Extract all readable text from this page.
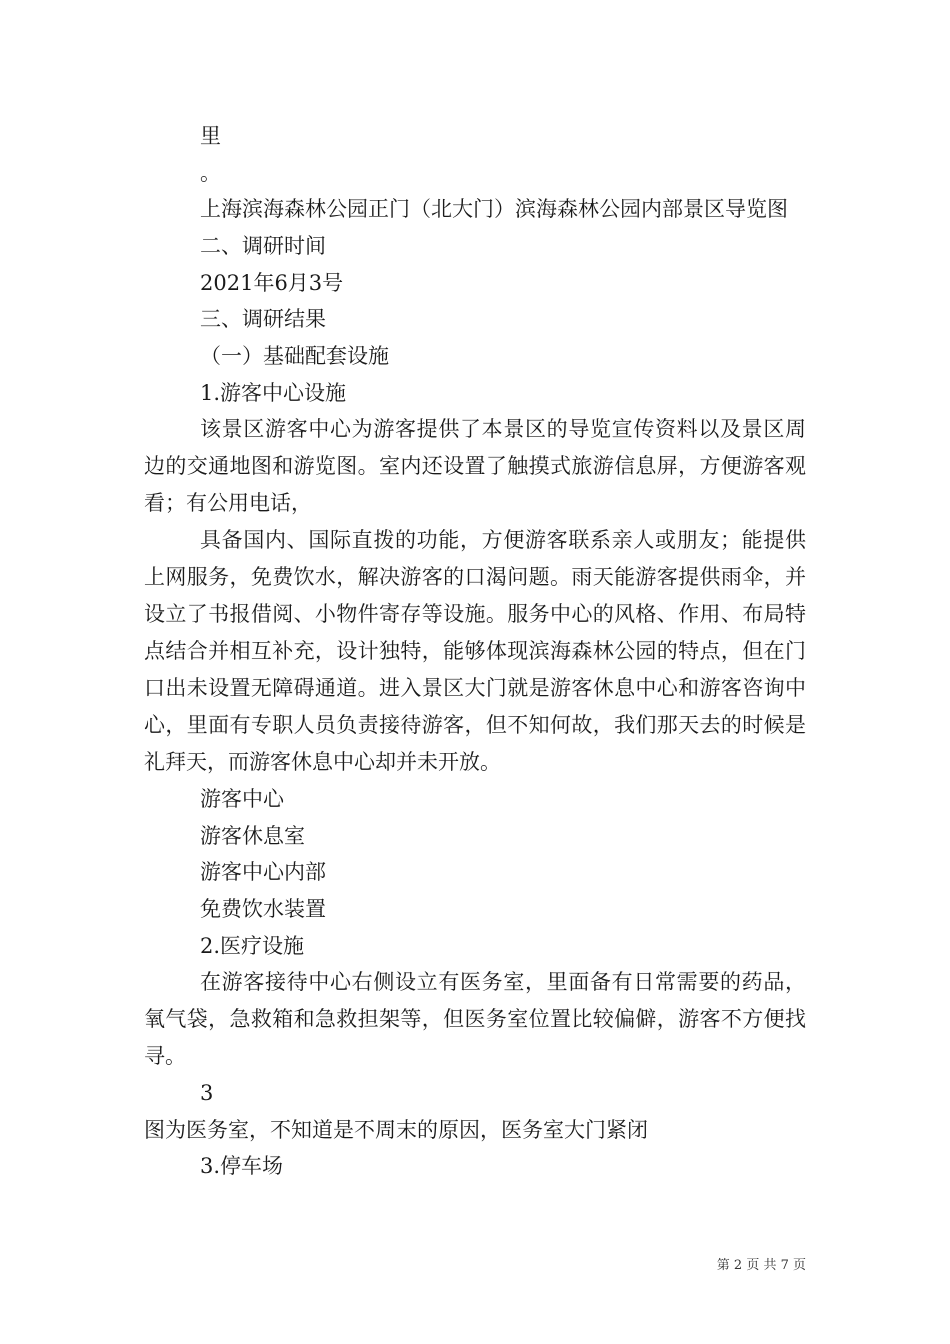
里

。

上海滨海森林公园正门（北大门）滨海森林公园内部景区导览图

二、调研时间

2021年6月3号

三、调研结果

（一）基础配套设施

1.游客中心设施

该景区游客中心为游客提供了本景区的导览宣传资料以及景区周边的交通地图和游览图。室内还设置了触摸式旅游信息屏，方便游客观看；有公用电话，

具备国内、国际直拨的功能，方便游客联系亲人或朋友；能提供上网服务，免费饮水，解决游客的口渴问题。雨天能游客提供雨伞，并设立了书报借阅、小物件寄存等设施。服务中心的风格、作用、布局特点结合并相互补充，设计独特，能够体现滨海森林公园的特点，但在门口出未设置无障碍通道。进入景区大门就是游客休息中心和游客咨询中心，里面有专职人员负责接待游客，但不知何故，我们那天去的时候是礼拜天，而游客休息中心却并未开放。

游客中心

游客休息室

游客中心内部

免费饮水装置

2.医疗设施

在游客接待中心右侧设立有医务室，里面备有日常需要的药品，氧气袋，急救箱和急救担架等，但医务室位置比较偏僻，游客不方便找寻。

3

图为医务室，不知道是不周末的原因，医务室大门紧闭

3.停车场

第 2 页 共 7 页
